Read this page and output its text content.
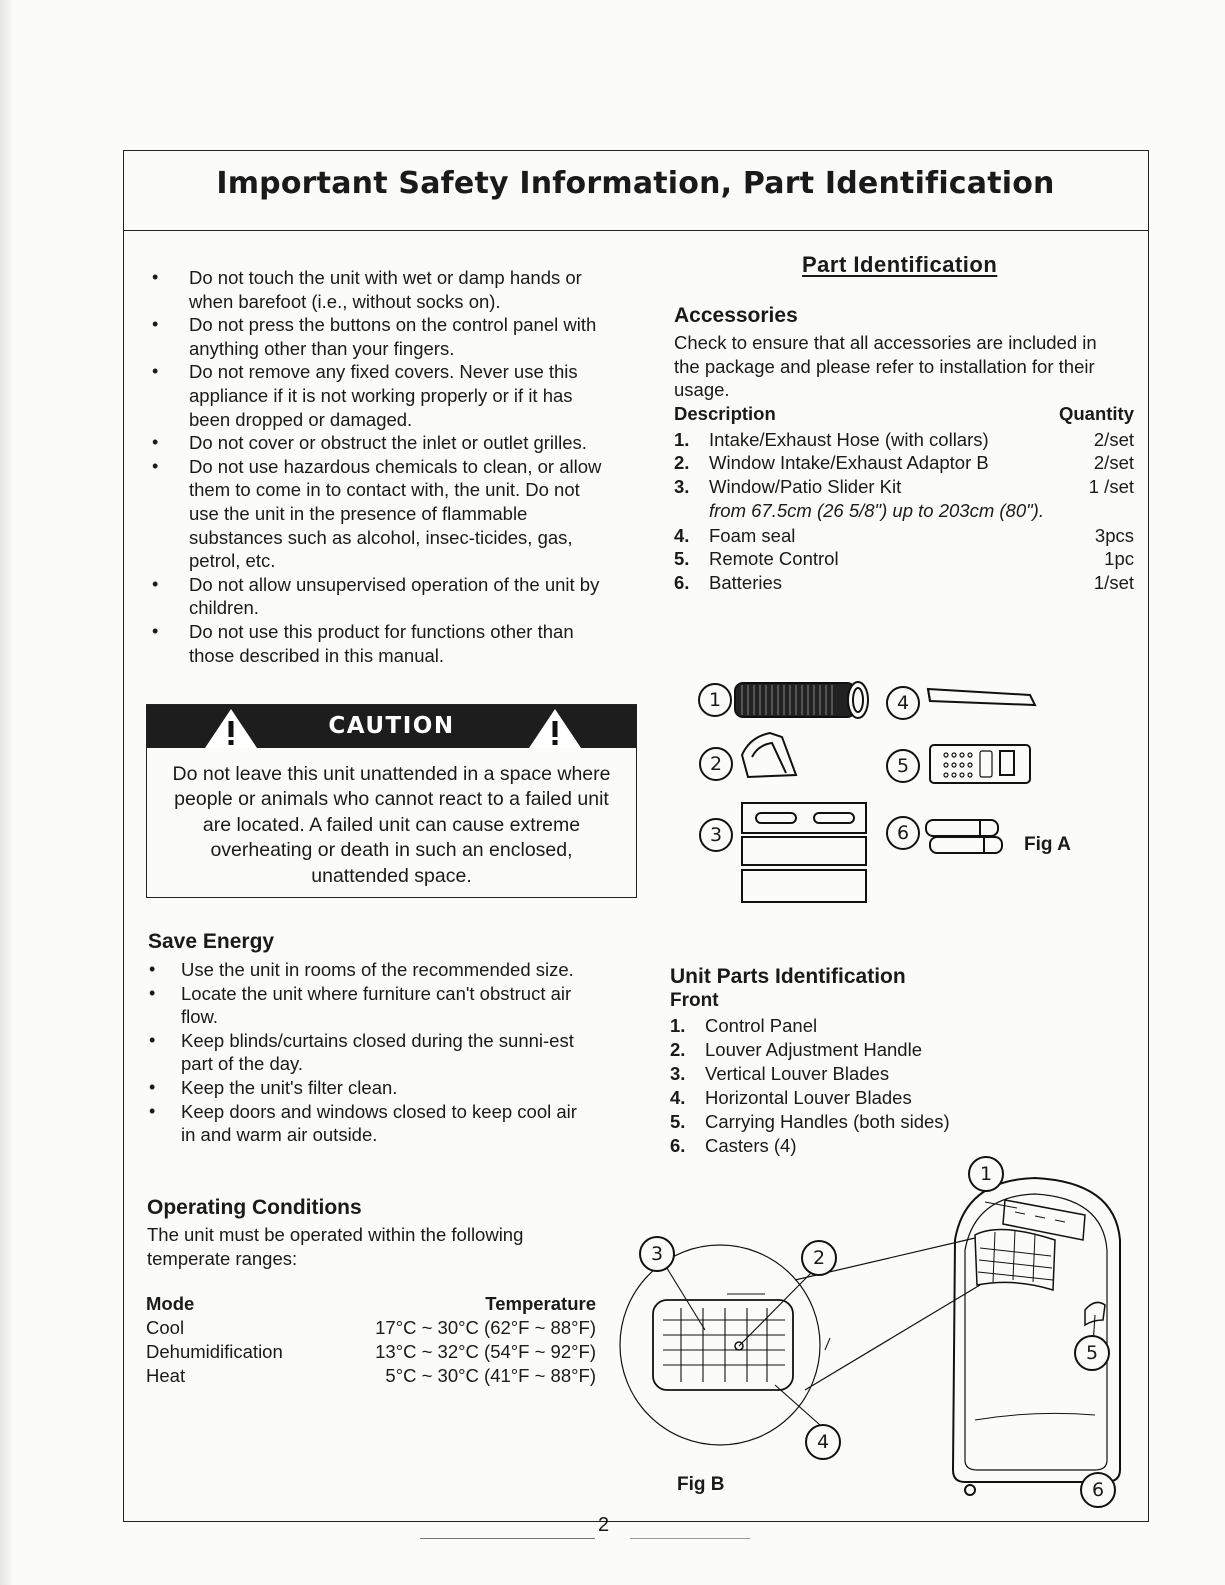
Important Safety Information, Part Identification
• Do not touch the unit with wet or damp hands or when barefoot (i.e., without socks on).
• Do not press the buttons on the control panel with anything other than your fingers.
• Do not remove any fixed covers. Never use this appliance if it is not working properly or if it has been dropped or damaged.
• Do not cover or obstruct the inlet or outlet grilles.
• Do not use hazardous chemicals to clean, or allow them to come in to contact with, the unit. Do not use the unit in the presence of flammable substances such as alcohol, insec-ticides, gas, petrol, etc.
• Do not allow unsupervised operation of the unit by children.
• Do not use this product for functions other than those described in this manual.
CAUTION
Do not leave this unit unattended in a space where people or animals who cannot react to a failed unit are located. A failed unit can cause extreme overheating or death in such an enclosed, unattended space.
Save Energy
• Use the unit in rooms of the recommended size.
• Locate the unit where furniture can't obstruct air flow.
• Keep blinds/curtains closed during the sunni-est part of the day.
• Keep the unit's filter clean.
• Keep doors and windows closed to keep cool air in and warm air outside.
Operating Conditions
The unit must be operated within the following temperate ranges:
Mode	Temperature
Cool	17°C ~ 30°C (62°F ~ 88°F)
Dehumidification	13°C ~ 32°C (54°F ~ 92°F)
Heat	5°C ~ 30°C (41°F ~ 88°F)
Part Identification
Accessories
Check to ensure that all accessories are included in the package and please refer to installation for their usage.
Description	Quantity
1. Intake/Exhaust Hose (with collars)	2/set
2. Window Intake/Exhaust Adaptor B	2/set
3. Window/Patio Slider Kit	1 /set
from 67.5cm (26 5/8") up to 203cm (80").
4. Foam seal	3pcs
5. Remote Control	1pc
6. Batteries	1/set
1	4
2	5
3	6
Fig A
Unit Parts Identification
Front
1. Control Panel
2. Louver Adjustment Handle
3. Vertical Louver Blades
4. Horizontal Louver Blades
5. Carrying Handles (both sides)
6. Casters (4)
1
3	2
5
4
6
Fig B
2
